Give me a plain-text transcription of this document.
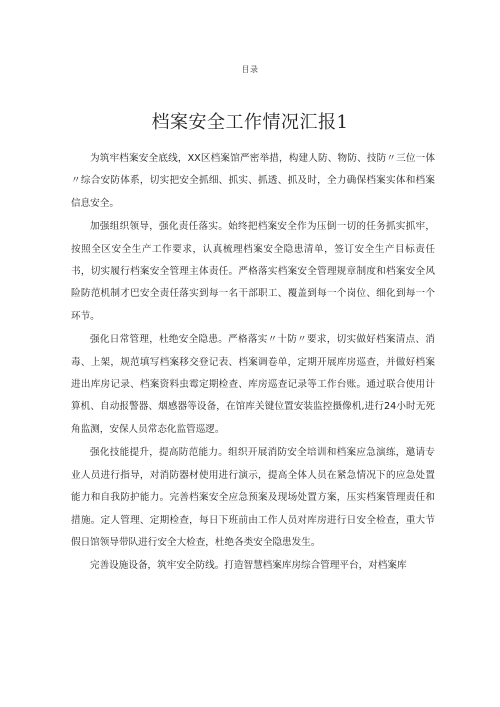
目录
档案安全工作情况汇报1

为筑牢档案安全底线，XX区档案馆严密举措，构建人防、物防、技防〃三位一体〃综合安防体系，切实把安全抓细、抓实、抓透、抓及时，全力确保档案实体和档案信息安全。

加强组织领导，强化责任落实。始终把档案安全作为压倒一切的任务抓实抓牢，按照全区安全生产工作要求，认真梳理档案安全隐患清单，签订安全生产目标责任书，切实履行档案安全管理主体责任。严格落实档案安全管理规章制度和档案安全风险防范机制才巴安全责任落实到每一名干部职工、覆盖到每一个岗位、细化到每一个环节。

强化日常管理，杜绝安全隐患。严格落实〃十防〃要求，切实做好档案清点、消毒、上架，规范填写档案移交登记表、档案调卷单，定期开展库房巡查，并做好档案进出库房记录、档案资料虫霉定期检查、库房巡查记录等工作台账。通过联合使用计算机、自动报警器、烟感器等设备，在馆库关键位置安装监控摄像机,进行24小时无死角监测，安保人员常态化监管巡逻。

强化技能提升，提高防范能力。组织开展消防安全培训和档案应急演练，邀请专业人员进行指导，对消防器材使用进行演示，提高全体人员在紧急情况下的应急处置能力和自我防护能力。完善档案安全应急预案及现场处置方案，压实档案管理责任和措施。定人管理、定期检查，每日下班前由工作人员对库房进行日安全检查，重大节假日馆领导带队进行安全大检查，杜绝各类安全隐患发生。

完善设施设备，筑牢安全防线。打造智慧档案库房综合管理平台，对档案库
